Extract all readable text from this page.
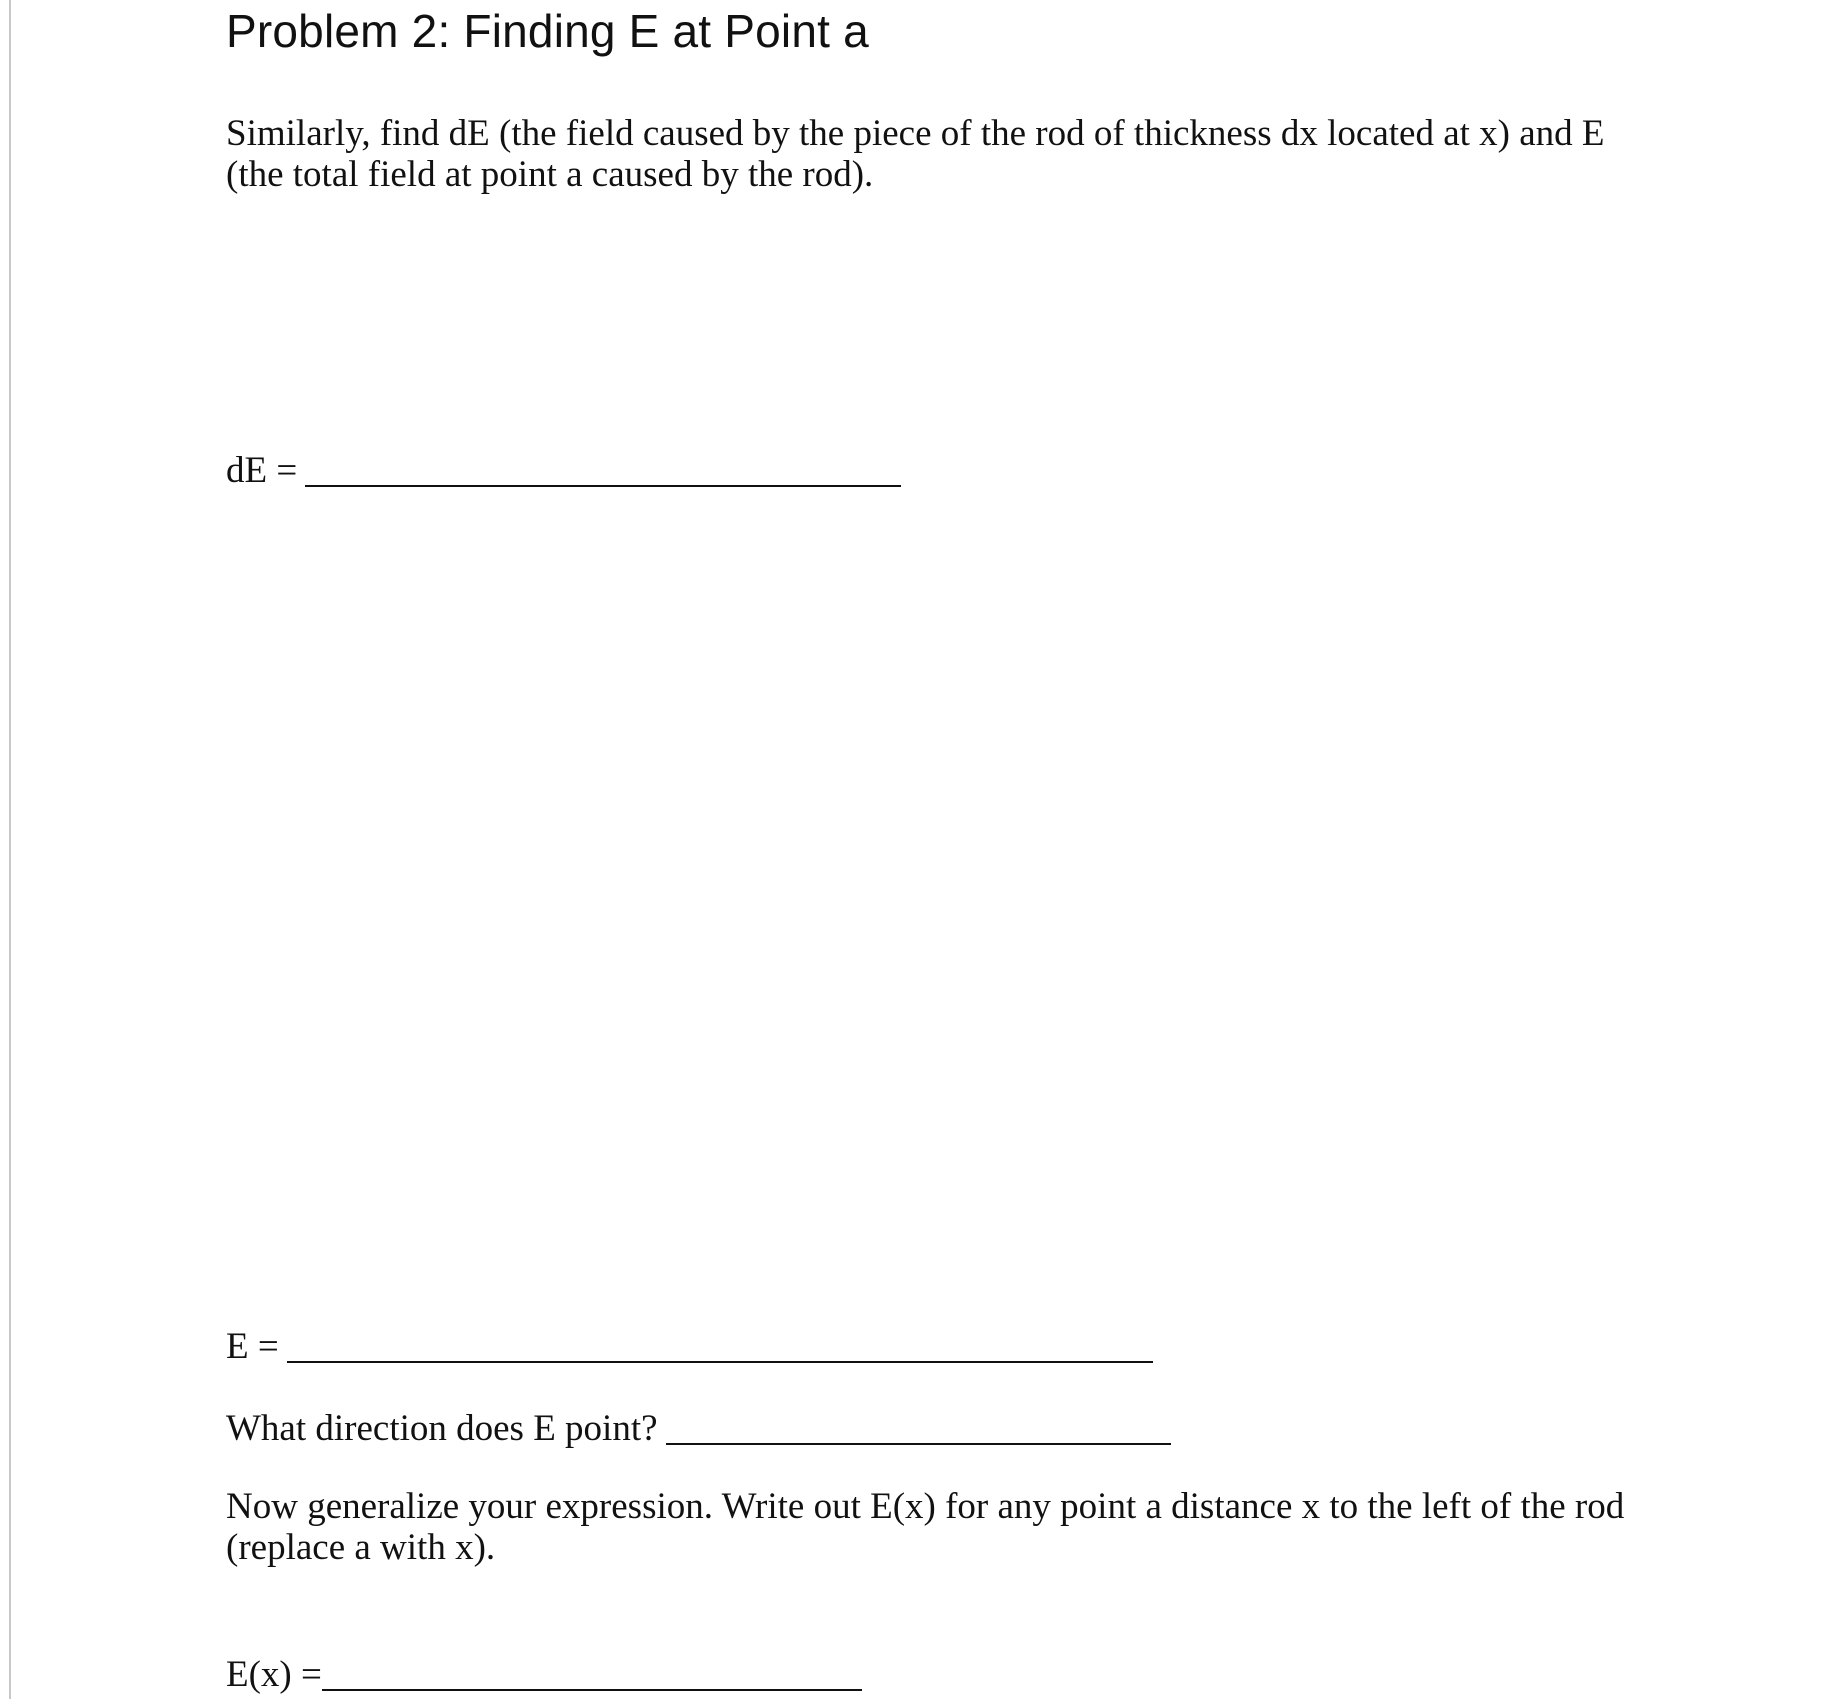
Problem 2: Finding E at Point a
Similarly, find dE (the field caused by the piece of the rod of thickness dx located at x) and E
(the total field at point a caused by the rod).
dE =
E =
What direction does E point?
Now generalize your expression. Write out E(x) for any point a distance x to the left of the rod
(replace a with x).
E(x) =
